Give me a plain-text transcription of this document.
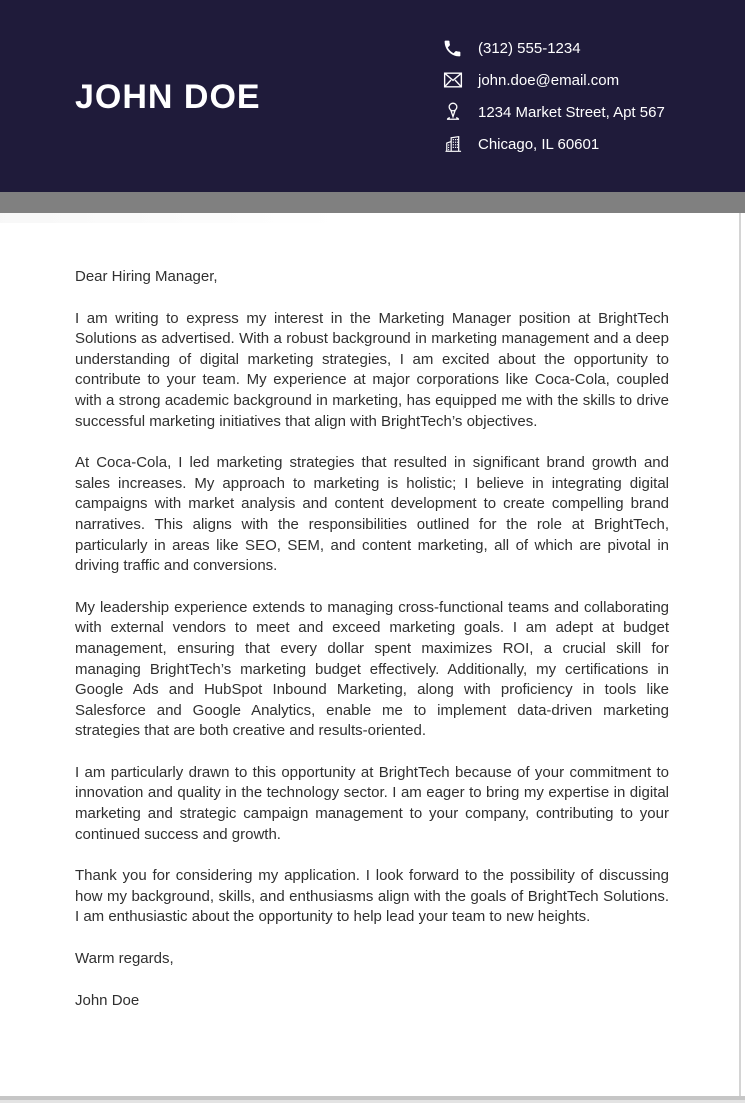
JOHN DOE
(312) 555-1234
john.doe@email.com
1234 Market Street, Apt 567
Chicago, IL 60601

Dear Hiring Manager,

I am writing to express my interest in the Marketing Manager position at BrightTech Solutions as advertised. With a robust background in marketing management and a deep understanding of digital marketing strategies, I am excited about the opportunity to contribute to your team. My experience at major corporations like Coca-Cola, coupled with a strong academic background in marketing, has equipped me with the skills to drive successful marketing initiatives that align with BrightTech’s objectives.

At Coca-Cola, I led marketing strategies that resulted in significant brand growth and sales increases. My approach to marketing is holistic; I believe in integrating digital campaigns with market analysis and content development to create compelling brand narratives. This aligns with the responsibilities outlined for the role at BrightTech, particularly in areas like SEO, SEM, and content marketing, all of which are pivotal in driving traffic and conversions.

My leadership experience extends to managing cross-functional teams and collaborating with external vendors to meet and exceed marketing goals. I am adept at budget management, ensuring that every dollar spent maximizes ROI, a crucial skill for managing BrightTech’s marketing budget effectively. Additionally, my certifications in Google Ads and HubSpot Inbound Marketing, along with proficiency in tools like Salesforce and Google Analytics, enable me to implement data-driven marketing strategies that are both creative and results-oriented.

I am particularly drawn to this opportunity at BrightTech because of your commitment to innovation and quality in the technology sector. I am eager to bring my expertise in digital marketing and strategic campaign management to your company, contributing to your continued success and growth.

Thank you for considering my application. I look forward to the possibility of discussing how my background, skills, and enthusiasms align with the goals of BrightTech Solutions. I am enthusiastic about the opportunity to help lead your team to new heights.

Warm regards,

John Doe
